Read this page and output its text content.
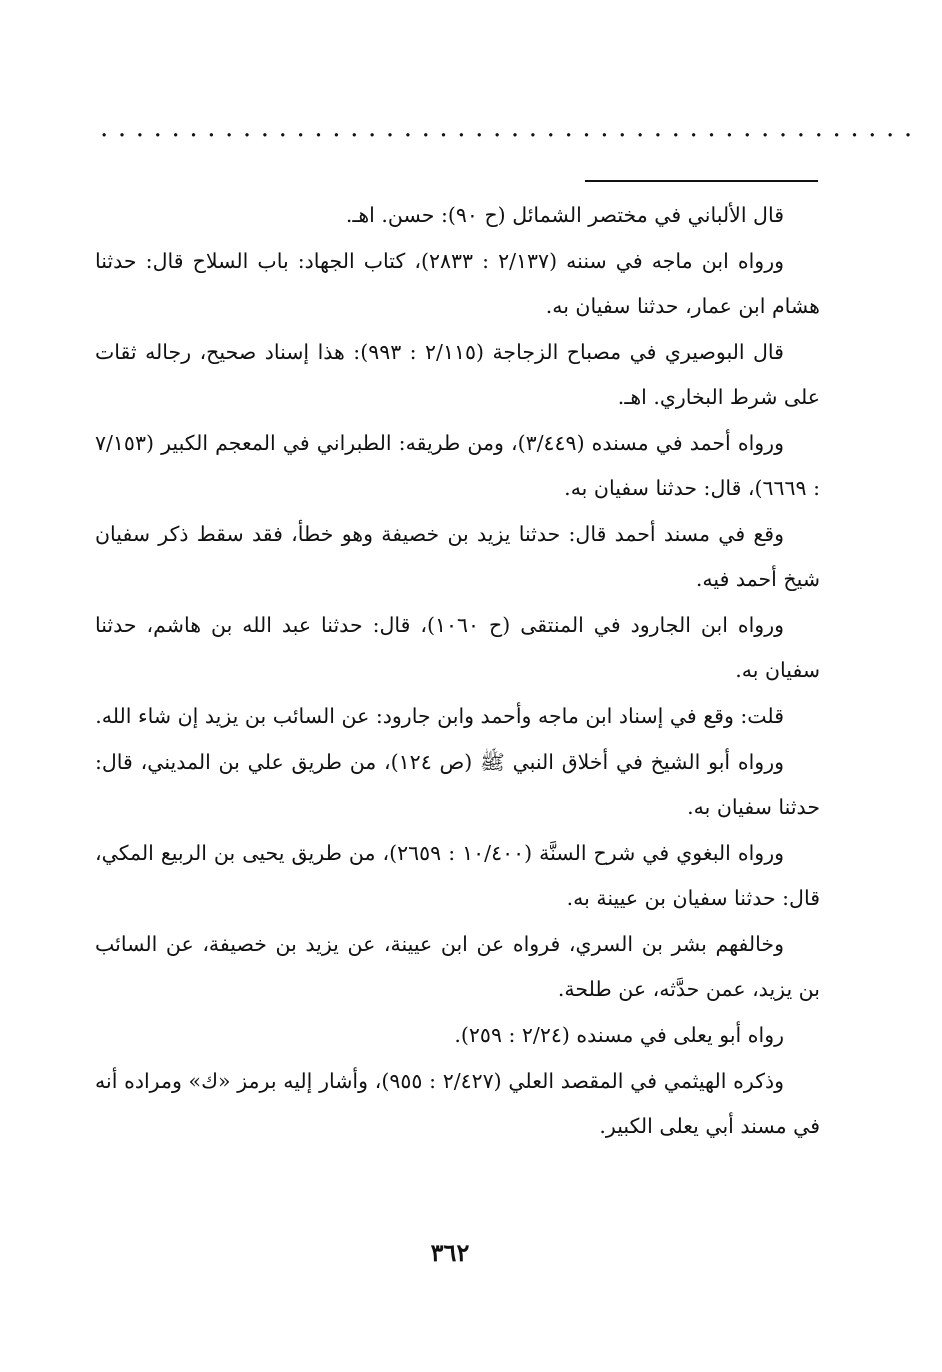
..............................................

قال الألباني في مختصر الشمائل (ح ٩٠): حسن. اهـ.

ورواه ابن ماجه في سننه (٢/١٣٧ : ٢٨٣٣)، كتاب الجهاد: باب السلاح قال: حدثنا هشام ابن عمار، حدثنا سفيان به.

قال البوصيري في مصباح الزجاجة (٢/١١٥ : ٩٩٣): هذا إسناد صحيح، رجاله ثقات على شرط البخاري. اهـ.

ورواه أحمد في مسنده (٣/٤٤٩)، ومن طريقه: الطبراني في المعجم الكبير (٧/١٥٣ : ٦٦٦٩)، قال: حدثنا سفيان به.

وقع في مسند أحمد قال: حدثنا يزيد بن خصيفة وهو خطأ، فقد سقط ذكر سفيان شيخ أحمد فيه.

ورواه ابن الجارود في المنتقى (ح ١٠٦٠)، قال: حدثنا عبد الله بن هاشم، حدثنا سفيان به.

قلت: وقع في إسناد ابن ماجه وأحمد وابن جارود: عن السائب بن يزيد إن شاء الله.

ورواه أبو الشيخ في أخلاق النبي ﷺ (ص ١٢٤)، من طريق علي بن المديني، قال: حدثنا سفيان به.

ورواه البغوي في شرح السنَّة (١٠/٤٠٠ : ٢٦٥٩)، من طريق يحيى بن الربيع المكي، قال: حدثنا سفيان بن عيينة به.

وخالفهم بشر بن السري، فرواه عن ابن عيينة، عن يزيد بن خصيفة، عن السائب بن يزيد، عمن حدَّثه، عن طلحة.

رواه أبو يعلى في مسنده (٢/٢٤ : ٢٥٩).

وذكره الهيثمي في المقصد العلي (٢/٤٢٧ : ٩٥٥)، وأشار إليه برمز «ك» ومراده أنه في مسند أبي يعلى الكبير.

٣٦٢
